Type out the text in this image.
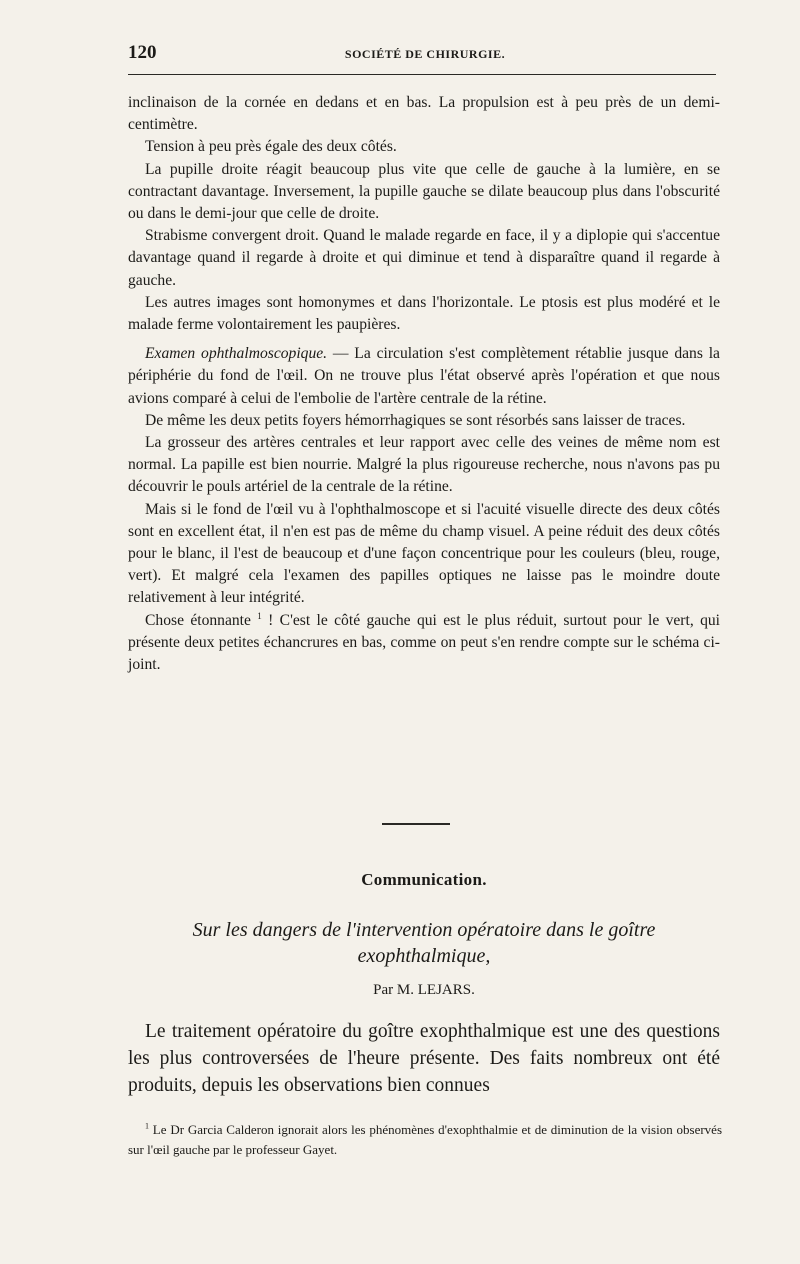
120	SOCIÉTÉ DE CHIRURGIE.

inclinaison de la cornée en dedans et en bas. La propulsion est à peu près de un demi-centimètre.

Tension à peu près égale des deux côtés.

La pupille droite réagit beaucoup plus vite que celle de gauche à la lumière, en se contractant davantage. Inversement, la pupille gauche se dilate beaucoup plus dans l'obscurité ou dans le demi-jour que celle de droite.

Strabisme convergent droit. Quand le malade regarde en face, il y a diplopie qui s'accentue davantage quand il regarde à droite et qui diminue et tend à disparaître quand il regarde à gauche.

Les autres images sont homonymes et dans l'horizontale. Le ptosis est plus modéré et le malade ferme volontairement les paupières.

Examen ophthalmoscopique. — La circulation s'est complètement rétablie jusque dans la périphérie du fond de l'œil. On ne trouve plus l'état observé après l'opération et que nous avions comparé à celui de l'embolie de l'artère centrale de la rétine.

De même les deux petits foyers hémorrhagiques se sont résorbés sans laisser de traces.

La grosseur des artères centrales et leur rapport avec celle des veines de même nom est normal. La papille est bien nourrie. Malgré la plus rigoureuse recherche, nous n'avons pas pu découvrir le pouls artériel de la centrale de la rétine.

Mais si le fond de l'œil vu à l'ophthalmoscope et si l'acuité visuelle directe des deux côtés sont en excellent état, il n'en est pas de même du champ visuel. A peine réduit des deux côtés pour le blanc, il l'est de beaucoup et d'une façon concentrique pour les couleurs (bleu, rouge, vert). Et malgré cela l'examen des papilles optiques ne laisse pas le moindre doute relativement à leur intégrité.

Chose étonnante $^1$ ! C'est le côté gauche qui est le plus réduit, surtout pour le vert, qui présente deux petites échancrures en bas, comme on peut s'en rendre compte sur le schéma ci-joint.

Communication.
Sur les dangers de l'intervention opératoire dans le goître
exophthalmique,
Par M. LEJARS.

Le traitement opératoire du goître exophthalmique est une des questions les plus controversées de l'heure présente. Des faits nombreux ont été produits, depuis les observations bien connues

$^1$ Le Dr Garcia Calderon ignorait alors les phénomènes d'exophthalmie et de diminution de la vision observés sur l'œil gauche par le professeur Gayet.
